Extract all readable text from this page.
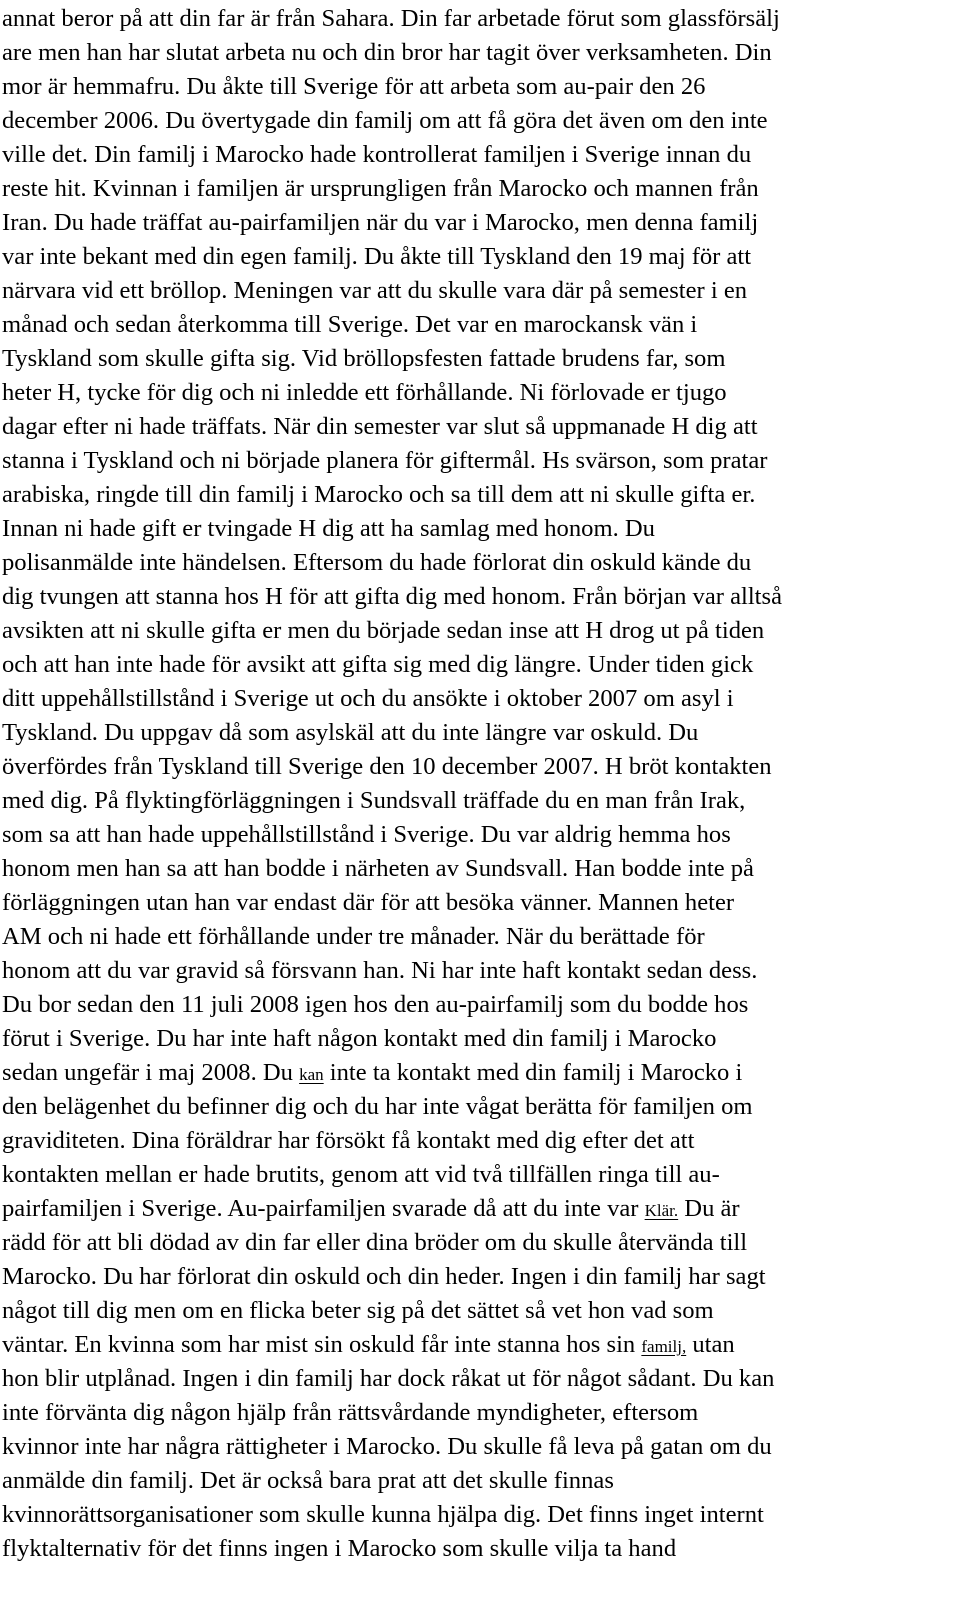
annat beror på att din far är från Sahara. Din far arbetade förut som glassförsälj

are men han har slutat arbeta nu och din bror har tagit över verksamheten. Din

mor är hemmafru. Du åkte till Sverige för att arbeta som au-pair den 26

december 2006. Du övertygade din familj om att få göra det även om den inte

ville det. Din familj i Marocko hade kontrollerat familjen i Sverige innan du

reste hit. Kvinnan i familjen är ursprungligen från Marocko och mannen från

Iran. Du hade träffat au-pairfamiljen när du var i Marocko, men denna familj

var inte bekant med din egen familj. Du åkte till Tyskland den 19 maj för att

närvara vid ett bröllop. Meningen var att du skulle vara där på semester i en

månad och sedan återkomma till Sverige. Det var en marockansk vän i

Tyskland som skulle gifta sig. Vid bröllopsfesten fattade brudens far, som

heter H, tycke för dig och ni inledde ett förhållande. Ni förlovade er tjugo

dagar efter ni hade träffats. När din semester var slut så uppmanade H dig att

stanna i Tyskland och ni började planera för giftermål. Hs svärson, som pratar

arabiska, ringde till din familj i Marocko och sa till dem att ni skulle gifta er.

Innan ni hade gift er tvingade H dig att ha samlag med honom. Du

polisanmälde inte händelsen. Eftersom du hade förlorat din oskuld kände du

dig tvungen att stanna hos H för att gifta dig med honom. Från början var alltså

avsikten att ni skulle gifta er men du började sedan inse att H drog ut på tiden

och att han inte hade för avsikt att gifta sig med dig längre. Under tiden gick

ditt uppehållstillstånd i Sverige ut och du ansökte i oktober 2007 om asyl i

Tyskland. Du uppgav då som asylskäl att du inte längre var oskuld. Du

överfördes från Tyskland till Sverige den 10 december 2007. H bröt kontakten

med dig. På flyktingförläggningen i Sundsvall träffade du en man från Irak,

som sa att han hade uppehållstillstånd i Sverige. Du var aldrig hemma hos

honom men han sa att han bodde i närheten av Sundsvall. Han bodde inte på

förläggningen utan han var endast där för att besöka vänner. Mannen heter

AM och ni hade ett förhållande under tre månader. När du berättade för

honom att du var gravid så försvann han. Ni har inte haft kontakt sedan dess.

Du bor sedan den 11 juli 2008 igen hos den au-pairfamilj som du bodde hos

förut i Sverige. Du har inte haft någon kontakt med din familj i Marocko

sedan ungefär i maj 2008. Du kan inte ta kontakt med din familj i Marocko i

den belägenhet du befinner dig och du har inte vågat berätta för familjen om

graviditeten. Dina föräldrar har försökt få kontakt med dig efter det att

kontakten mellan er hade brutits, genom att vid två tillfällen ringa till au-

pairfamiljen i Sverige. Au-pairfamiljen svarade då att du inte var Klär. Du är

rädd för att bli dödad av din far eller dina bröder om du skulle återvända till

Marocko. Du har förlorat din oskuld och din heder. Ingen i din familj har sagt

något till dig men om en flicka beter sig på det sättet så vet hon vad som

väntar. En kvinna som har mist sin oskuld får inte stanna hos sin familj, utan

hon blir utplånad. Ingen i din familj har dock råkat ut för något sådant. Du kan

inte förvänta dig någon hjälp från rättsvårdande myndigheter, eftersom

kvinnor inte har några rättigheter i Marocko. Du skulle få leva på gatan om du

anmälde din familj. Det är också bara prat att det skulle finnas

kvinnorättsorganisationer som skulle kunna hjälpa dig. Det finns inget internt

flyktalternativ för det finns ingen i Marocko som skulle vilja ta hand
